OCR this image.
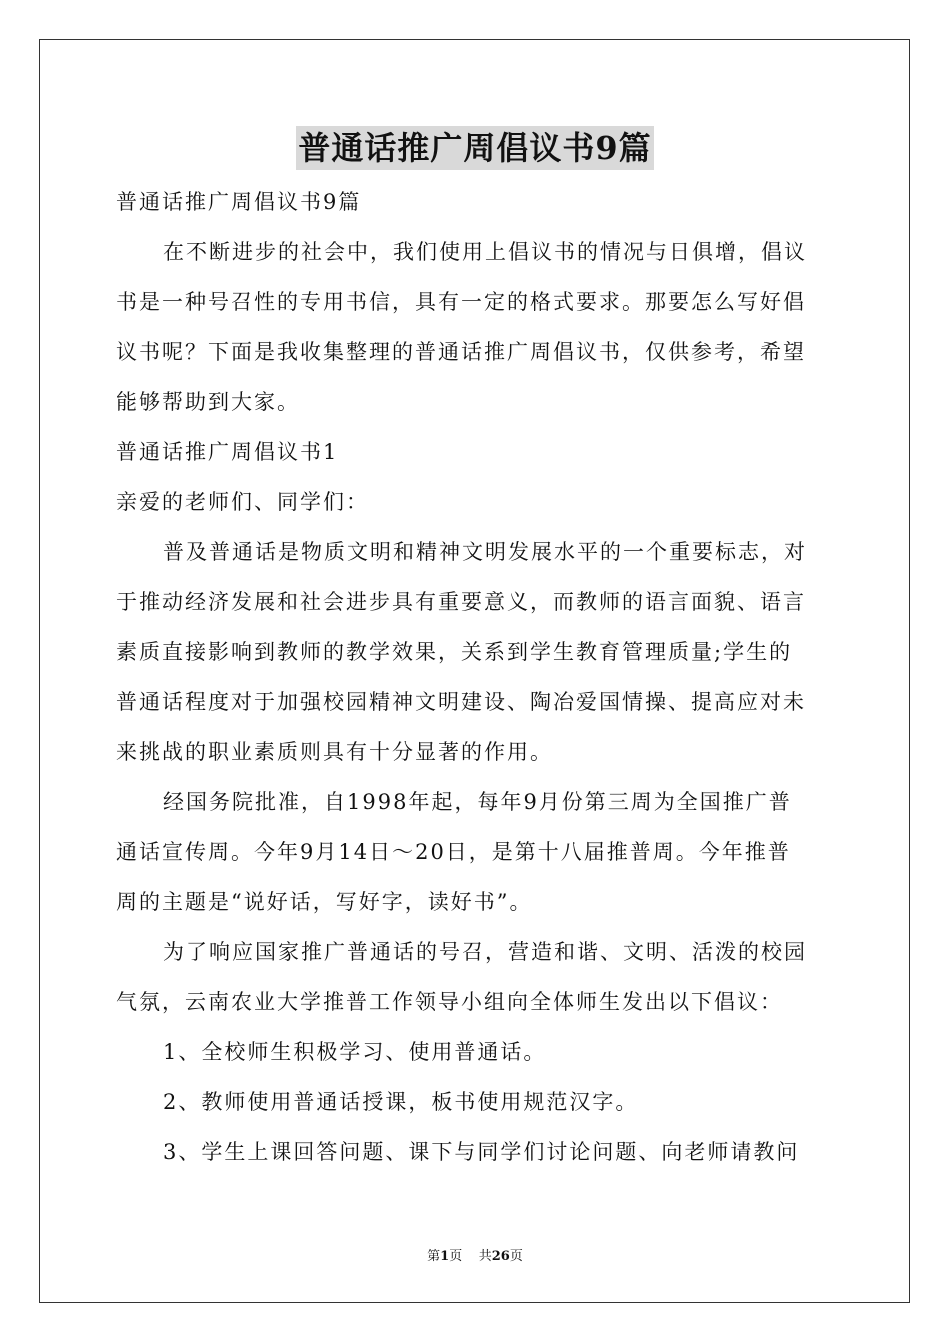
普通话推广周倡议书9篇

普通话推广周倡议书9篇

在不断进步的社会中，我们使用上倡议书的情况与日俱增，倡议

书是一种号召性的专用书信，具有一定的格式要求。那要怎么写好倡

议书呢？下面是我收集整理的普通话推广周倡议书，仅供参考，希望

能够帮助到大家。

普通话推广周倡议书1

亲爱的老师们、同学们：

普及普通话是物质文明和精神文明发展水平的一个重要标志，对

于推动经济发展和社会进步具有重要意义，而教师的语言面貌、语言

素质直接影响到教师的教学效果，关系到学生教育管理质量;学生的

普通话程度对于加强校园精神文明建设、陶冶爱国情操、提高应对未

来挑战的职业素质则具有十分显著的作用。

经国务院批准，自1998年起，每年9月份第三周为全国推广普

通话宣传周。今年9月14日～20日，是第十八届推普周。今年推普

周的主题是“说好话，写好字，读好书”。

为了响应国家推广普通话的号召，营造和谐、文明、活泼的校园

气氛，云南农业大学推普工作领导小组向全体师生发出以下倡议：

1、全校师生积极学习、使用普通话。

2、教师使用普通话授课，板书使用规范汉字。

3、学生上课回答问题、课下与同学们讨论问题、向老师请教问

第1页 共26页
